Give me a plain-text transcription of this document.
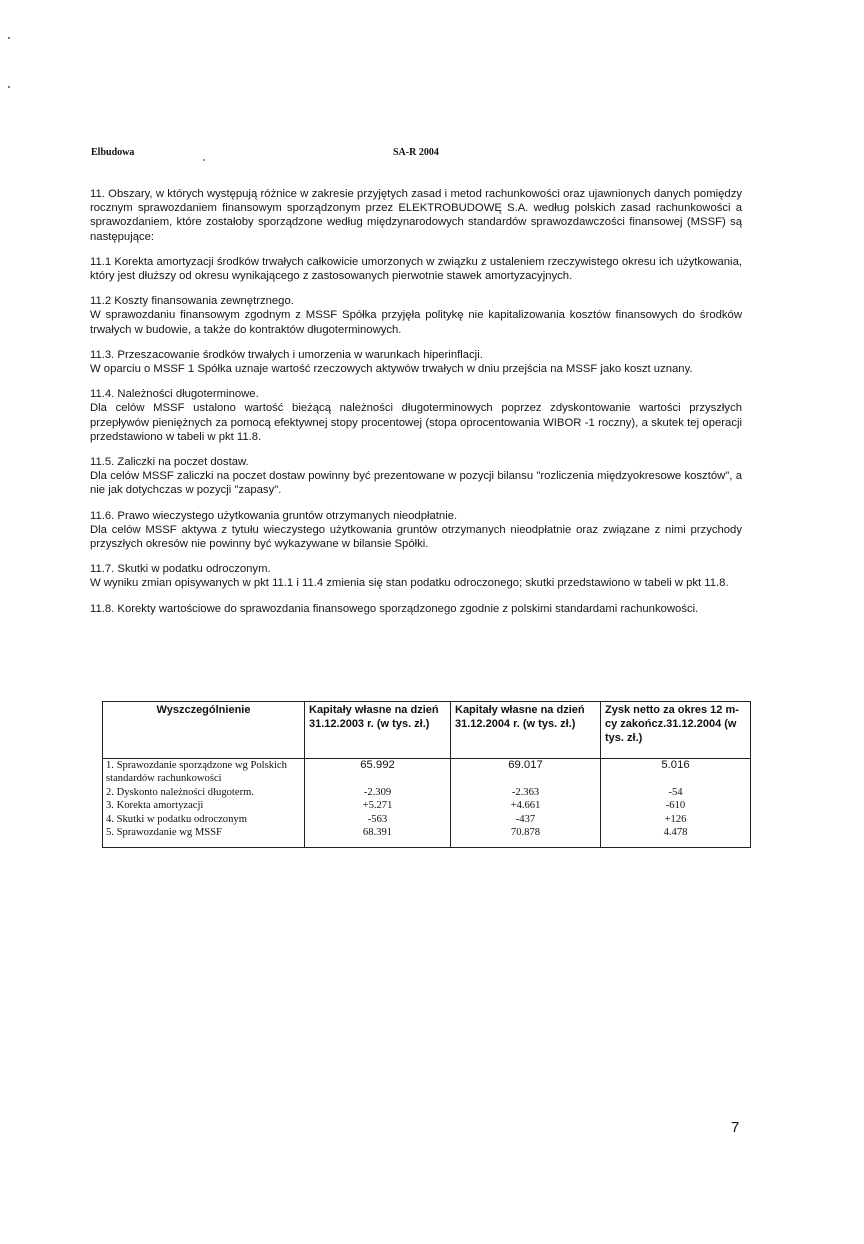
Elbudowa	SA-R 2004
11. Obszary, w których występują różnice w zakresie przyjętych zasad i metod rachunkowości oraz ujawnionych danych pomiędzy rocznym sprawozdaniem finansowym sporządzonym przez ELEKTROBUDOWĘ S.A. według polskich zasad rachunkowości a sprawozdaniem, które zostałoby sporządzone według międzynarodowych standardów sprawozdawczości finansowej (MSSF) są następujące:
11.1 Korekta amortyzacji środków trwałych całkowicie umorzonych w związku z ustaleniem rzeczywistego okresu ich użytkowania, który jest dłuższy od okresu wynikającego z zastosowanych pierwotnie stawek amortyzacyjnych.
11.2 Koszty finansowania zewnętrznego.
W sprawozdaniu finansowym zgodnym z MSSF Spółka przyjęła politykę nie kapitalizowania kosztów finansowych do środków trwałych w budowie, a także do kontraktów długoterminowych.
11.3. Przeszacowanie środków trwałych i umorzenia w warunkach hiperinflacji.
W oparciu o MSSF 1 Spółka uznaje wartość rzeczowych aktywów trwałych w dniu przejścia na MSSF jako koszt uznany.
11.4. Należności długoterminowe.
Dla celów MSSF ustalono wartość bieżącą należności długoterminowych poprzez zdyskontowanie wartości przyszłych przepływów pieniężnych za pomocą efektywnej stopy procentowej (stopa oprocentowania WIBOR -1 roczny), a skutek tej operacji przedstawiono w tabeli w pkt 11.8.
11.5. Zaliczki na poczet dostaw.
Dla celów MSSF zaliczki na poczet dostaw powinny być prezentowane w pozycji bilansu "rozliczenia międzyokresowe kosztów", a nie jak dotychczas w pozycji "zapasy".
11.6. Prawo wieczystego użytkowania gruntów otrzymanych nieodpłatnie.
Dla celów MSSF aktywa z tytułu wieczystego użytkowania gruntów otrzymanych nieodpłatnie oraz związane z nimi przychody przyszłych okresów nie powinny być wykazywane w bilansie Spółki.
11.7. Skutki w podatku odroczonym.
W wyniku zmian opisywanych w pkt 11.1 i 11.4 zmienia się stan podatku odroczonego; skutki przedstawiono w tabeli w pkt 11.8.
11.8. Korekty wartościowe do sprawozdania finansowego sporządzonego zgodnie z polskimi standardami rachunkowości.
Wyszczególnienie	Kapitały własne na dzień 31.12.2003 r. (w tys. zł.)	Kapitały własne na dzień 31.12.2004 r. (w tys. zł.)	Zysk netto za okres 12 m-cy zakończ.31.12.2004 (w tys. zł.)
1. Sprawozdanie sporządzone wg Polskich standardów rachunkowości	65.992	69.017	5.016
2. Dyskonto należności długoterm.	-2.309	-2.363	-54
3. Korekta amortyzacji	+5.271	+4.661	-610
4. Skutki w podatku odroczonym	-563	-437	+126
5. Sprawozdanie wg MSSF	68.391	70.878	4.478
7
